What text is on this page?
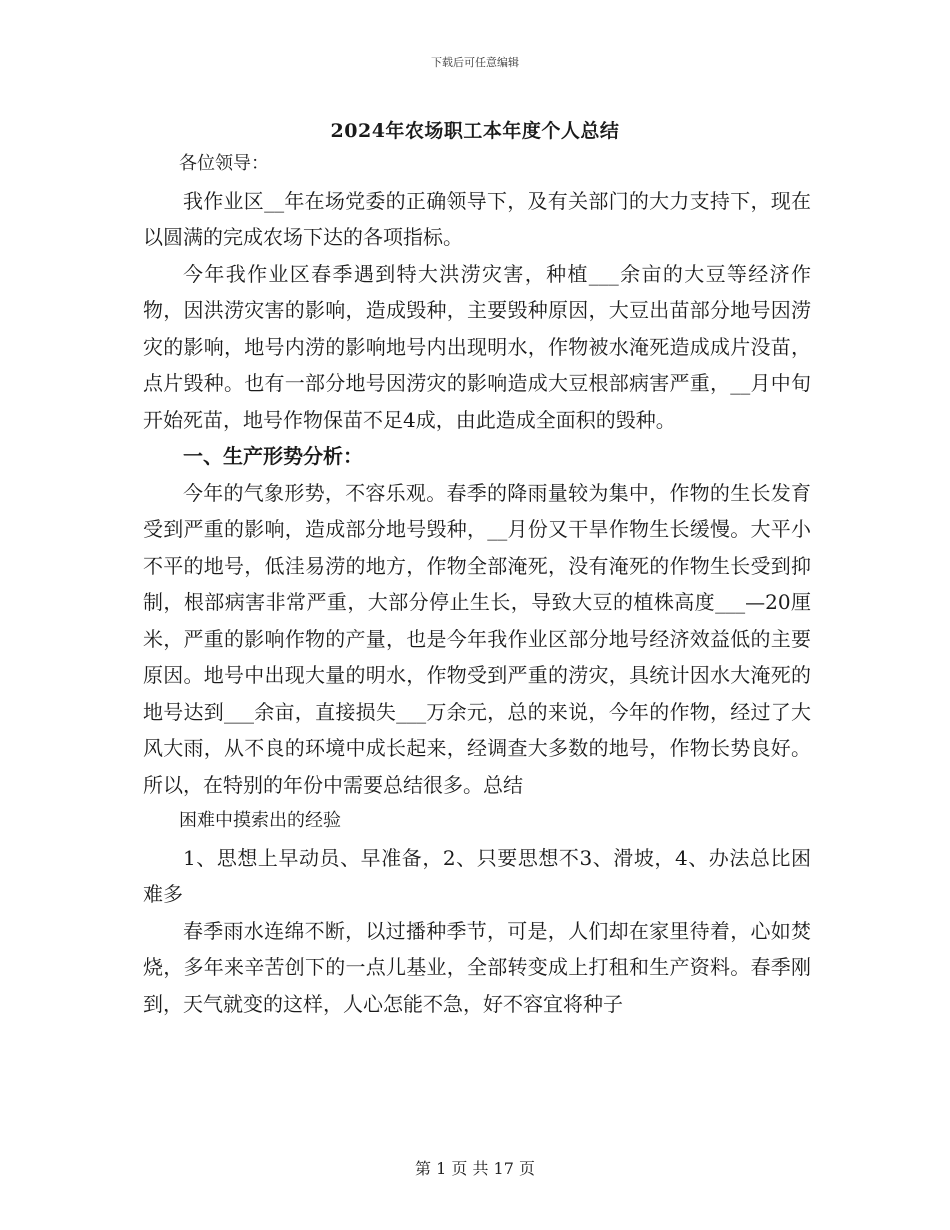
下载后可任意编辑
2024年农场职工本年度个人总结

各位领导：

我作业区__年在场党委的正确领导下，及有关部门的大力支持下，现在以圆满的完成农场下达的各项指标。

今年我作业区春季遇到特大洪涝灾害，种植___余亩的大豆等经济作物，因洪涝灾害的影响，造成毁种，主要毁种原因，大豆出苗部分地号因涝灾的影响，地号内涝的影响地号内出现明水，作物被水淹死造成成片没苗，点片毁种。也有一部分地号因涝灾的影响造成大豆根部病害严重，__月中旬开始死苗，地号作物保苗不足4成，由此造成全面积的毁种。

一、生产形势分析：

今年的气象形势，不容乐观。春季的降雨量较为集中，作物的生长发育受到严重的影响，造成部分地号毁种，__月份又干旱作物生长缓慢。大平小不平的地号，低洼易涝的地方，作物全部淹死，没有淹死的作物生长受到抑制，根部病害非常严重，大部分停止生长，导致大豆的植株高度___—20厘米，严重的影响作物的产量，也是今年我作业区部分地号经济效益低的主要原因。地号中出现大量的明水，作物受到严重的涝灾，具统计因水大淹死的地号达到___余亩，直接损失___万余元，总的来说，今年的作物，经过了大风大雨，从不良的环境中成长起来，经调查大多数的地号，作物长势良好。所以，在特别的年份中需要总结很多。总结

困难中摸索出的经验

1、思想上早动员、早准备，2、只要思想不3、滑坡，4、办法总比困难多

春季雨水连绵不断，以过播种季节，可是，人们却在家里待着，心如焚烧，多年来辛苦创下的一点儿基业，全部转变成上打租和生产资料。春季刚到，天气就变的这样，人心怎能不急，好不容宜将种子

第 1 页 共 17 页
